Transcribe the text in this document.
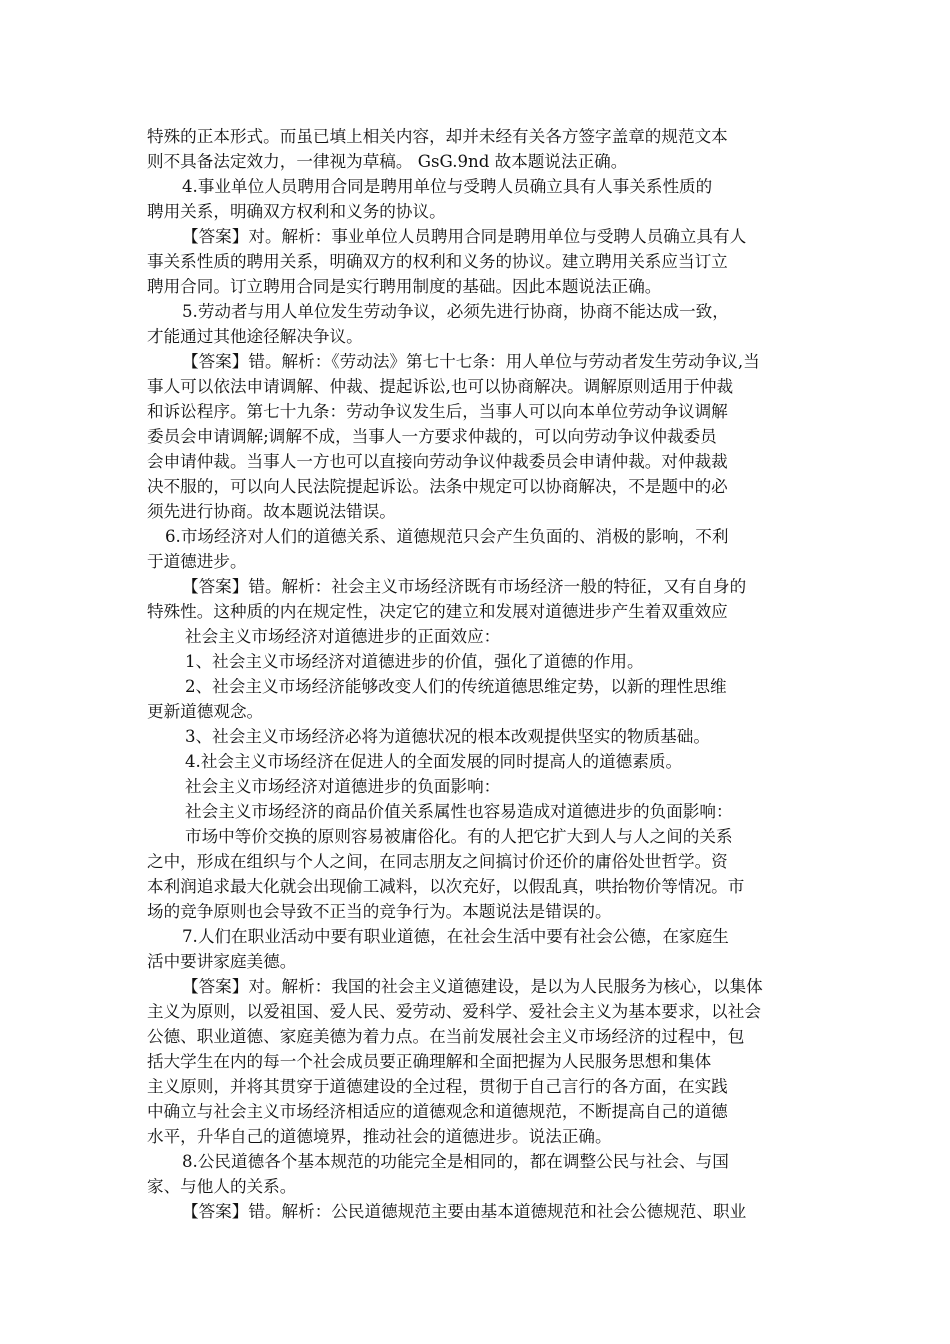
特殊的正本形式。而虽已填上相关内容，却并未经有关各方签字盖章的规范文本
则不具备法定效力，一律视为草稿。 GsG.9nd 故本题说法正确。
4.事业单位人员聘用合同是聘用单位与受聘人员确立具有人事关系性质的
聘用关系，明确双方权利和义务的协议。
【答案】对。解析：事业单位人员聘用合同是聘用单位与受聘人员确立具有人
事关系性质的聘用关系，明确双方的权利和义务的协议。建立聘用关系应当订立
聘用合同。订立聘用合同是实行聘用制度的基础。因此本题说法正确。
5.劳动者与用人单位发生劳动争议，必须先进行协商，协商不能达成一致，
才能通过其他途径解决争议。
【答案】错。解析：《劳动法》第七十七条：用人单位与劳动者发生劳动争议,当
事人可以依法申请调解、仲裁、提起诉讼,也可以协商解决。调解原则适用于仲裁
和诉讼程序。第七十九条：劳动争议发生后，当事人可以向本单位劳动争议调解
委员会申请调解;调解不成，当事人一方要求仲裁的，可以向劳动争议仲裁委员
会申请仲裁。当事人一方也可以直接向劳动争议仲裁委员会申请仲裁。对仲裁裁
决不服的，可以向人民法院提起诉讼。法条中规定可以协商解决，不是题中的必
须先进行协商。故本题说法错误。
6.市场经济对人们的道德关系、道德规范只会产生负面的、消极的影响，不利
于道德进步。
【答案】错。解析：社会主义市场经济既有市场经济一般的特征，又有自身的
特殊性。这种质的内在规定性，决定它的建立和发展对道德进步产生着双重效应
社会主义市场经济对道德进步的正面效应：
1、社会主义市场经济对道德进步的价值，强化了道德的作用。
2、社会主义市场经济能够改变人们的传统道德思维定势，以新的理性思维
更新道德观念。
3、社会主义市场经济必将为道德状况的根本改观提供坚实的物质基础。
4.社会主义市场经济在促进人的全面发展的同时提高人的道德素质。
社会主义市场经济对道德进步的负面影响：
社会主义市场经济的商品价值关系属性也容易造成对道德进步的负面影响：
市场中等价交换的原则容易被庸俗化。有的人把它扩大到人与人之间的关系
之中，形成在组织与个人之间，在同志朋友之间搞讨价还价的庸俗处世哲学。资
本利润追求最大化就会出现偷工减料，以次充好，以假乱真，哄抬物价等情况。市
场的竞争原则也会导致不正当的竞争行为。本题说法是错误的。
7.人们在职业活动中要有职业道德，在社会生活中要有社会公德，在家庭生
活中要讲家庭美德。
【答案】对。解析：我国的社会主义道德建设，是以为人民服务为核心，以集体
主义为原则，以爱祖国、爱人民、爱劳动、爱科学、爱社会主义为基本要求，以社会
公德、职业道德、家庭美德为着力点。在当前发展社会主义市场经济的过程中，包
括大学生在内的每一个社会成员要正确理解和全面把握为人民服务思想和集体
主义原则，并将其贯穿于道德建设的全过程，贯彻于自己言行的各方面，在实践
中确立与社会主义市场经济相适应的道德观念和道德规范，不断提高自己的道德
水平，升华自己的道德境界，推动社会的道德进步。说法正确。
8.公民道德各个基本规范的功能完全是相同的，都在调整公民与社会、与国
家、与他人的关系。
【答案】错。解析：公民道德规范主要由基本道德规范和社会公德规范、职业
